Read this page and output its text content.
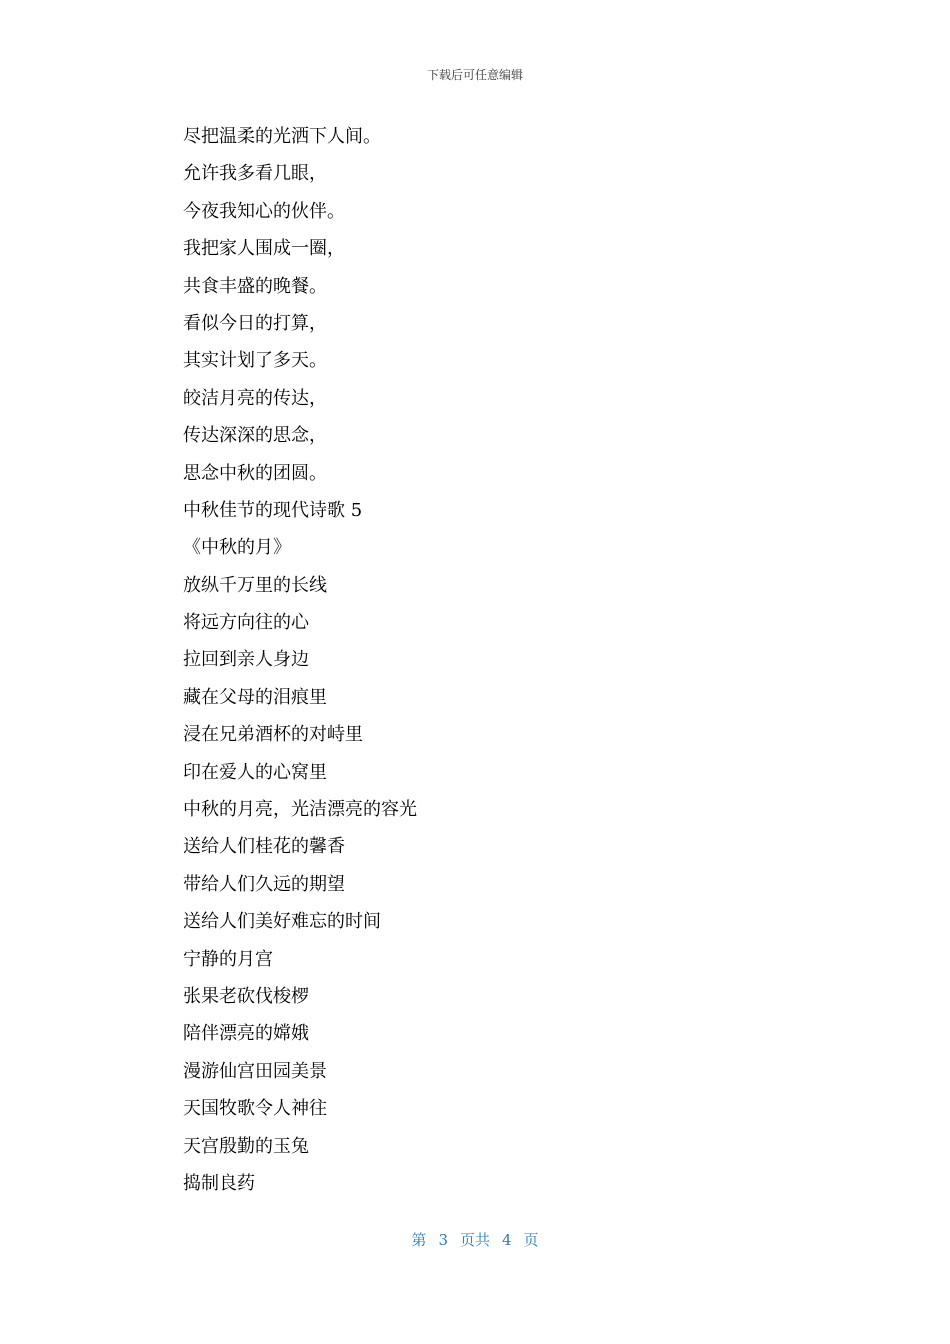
下载后可任意编辑
尽把温柔的光洒下人间。
允许我多看几眼，
今夜我知心的伙伴。
我把家人围成一圈，
共食丰盛的晚餐。
看似今日的打算，
其实计划了多天。
皎洁月亮的传达，
传达深深的思念，
思念中秋的团圆。
中秋佳节的现代诗歌 5
《中秋的月》
放纵千万里的长线
将远方向往的心
拉回到亲人身边
藏在父母的泪痕里
浸在兄弟酒杯的对峙里
印在爱人的心窝里
中秋的月亮，光洁漂亮的容光
送给人们桂花的馨香
带给人们久远的期望
送给人们美好难忘的时间
宁静的月宫
张果老砍伐梭椤
陪伴漂亮的嫦娥
漫游仙宫田园美景
天国牧歌令人神往
天宫殷勤的玉兔
捣制良药
第 3 页共 4 页
